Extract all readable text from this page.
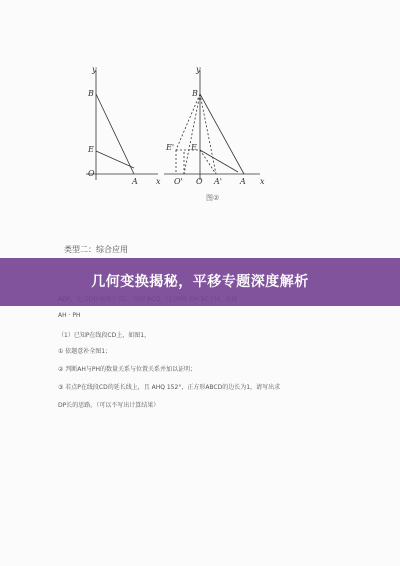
y
B
E
O
A x
y
B
E
E'
O' O A' A x
图②
类型二：综合应用
AH · PH
（1）已知P在线段CD上，如图1，
① 依题意补全图1；
② 判断AH与PH的数量关系与位置关系并加以证明；
③ 若点P在线段CD的延长线上，且 AHQ 152°，正方形ABCD的边长为1，请写出求
DP长的思路。（可以不写出计算结果）
几何变换揭秘，平移专题深度解析
